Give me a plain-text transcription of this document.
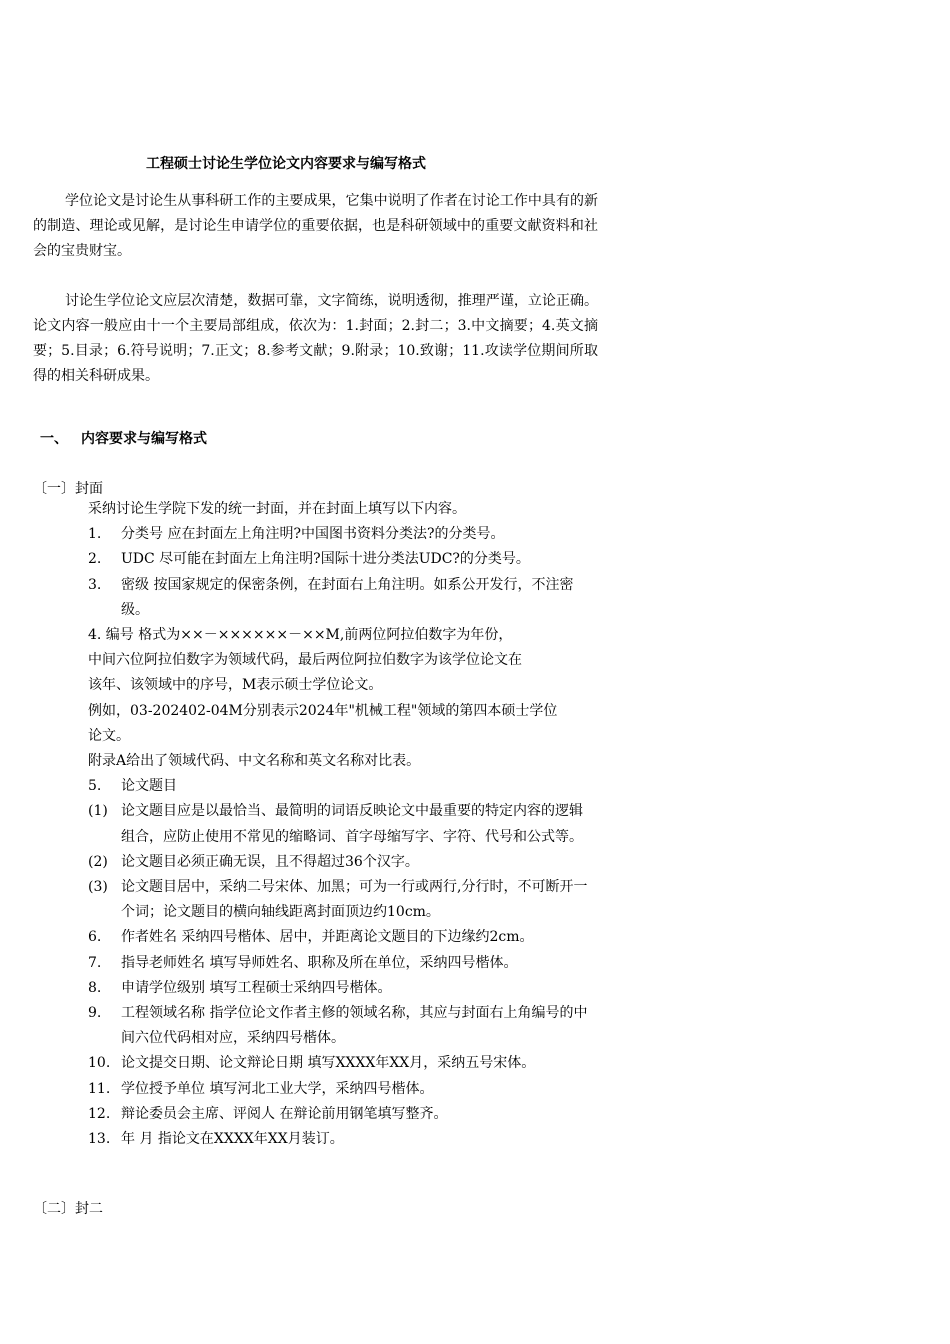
工程硕士讨论生学位论文内容要求与编写格式

学位论文是讨论生从事科研工作的主要成果，它集中说明了作者在讨论工作中具有的新的制造、理论或见解，是讨论生申请学位的重要依据，也是科研领域中的重要文献资料和社会的宝贵财宝。

讨论生学位论文应层次清楚，数据可靠，文字简练，说明透彻，推理严谨，立论正确。论文内容一般应由十一个主要局部组成，依次为：1.封面；2.封二；3.中文摘要；4.英文摘要；5.目录；6.符号说明；7.正文；8.参考文献；9.附录；10.致谢；11.攻读学位期间所取得的相关科研成果。

一、 内容要求与编写格式
〔一〕封面
采纳讨论生学院下发的统一封面，并在封面上填写以下内容。
1.	分类号 应在封面左上角注明?中国图书资料分类法?的分类号。
2.	UDC 尽可能在封面左上角注明?国际十进分类法UDC?的分类号。
3.	密级 按国家规定的保密条例，在封面右上角注明。如系公开发行，不注密级。
4. 编号 格式为××－××××××－××M,前两位阿拉伯数字为年份，
中间六位阿拉伯数字为领域代码，最后两位阿拉伯数字为该学位论文在
该年、该领域中的序号，M表示硕士学位论文。
例如，03-202402-04M分别表示2024年"机械工程"领域的第四本硕士学位
论文。
附录A给出了领域代码、中文名称和英文名称对比表。
5.	论文题目
(1) 论文题目应是以最恰当、最简明的词语反映论文中最重要的特定内容的逻辑组合，应防止使用不常见的缩略词、首字母缩写字、字符、代号和公式等。
(2) 论文题目必须正确无误，且不得超过36个汉字。
(3) 论文题目居中，采纳二号宋体、加黑；可为一行或两行,分行时，不可断开一个词；论文题目的横向轴线距离封面顶边约10cm。
6.	作者姓名 采纳四号楷体、居中，并距离论文题目的下边缘约2cm。
7.	指导老师姓名 填写导师姓名、职称及所在单位，采纳四号楷体。
8.	申请学位级别 填写工程硕士采纳四号楷体。
9.	工程领域名称 指学位论文作者主修的领域名称，其应与封面右上角编号的中间六位代码相对应，采纳四号楷体。
10. 论文提交日期、论文辩论日期 填写XXXX年XX月，采纳五号宋体。
11. 学位授予单位 填写河北工业大学，采纳四号楷体。
12. 辩论委员会主席、评阅人 在辩论前用钢笔填写整齐。
13. 年 月 指论文在XXXX年XX月装订。
〔二〕封二
